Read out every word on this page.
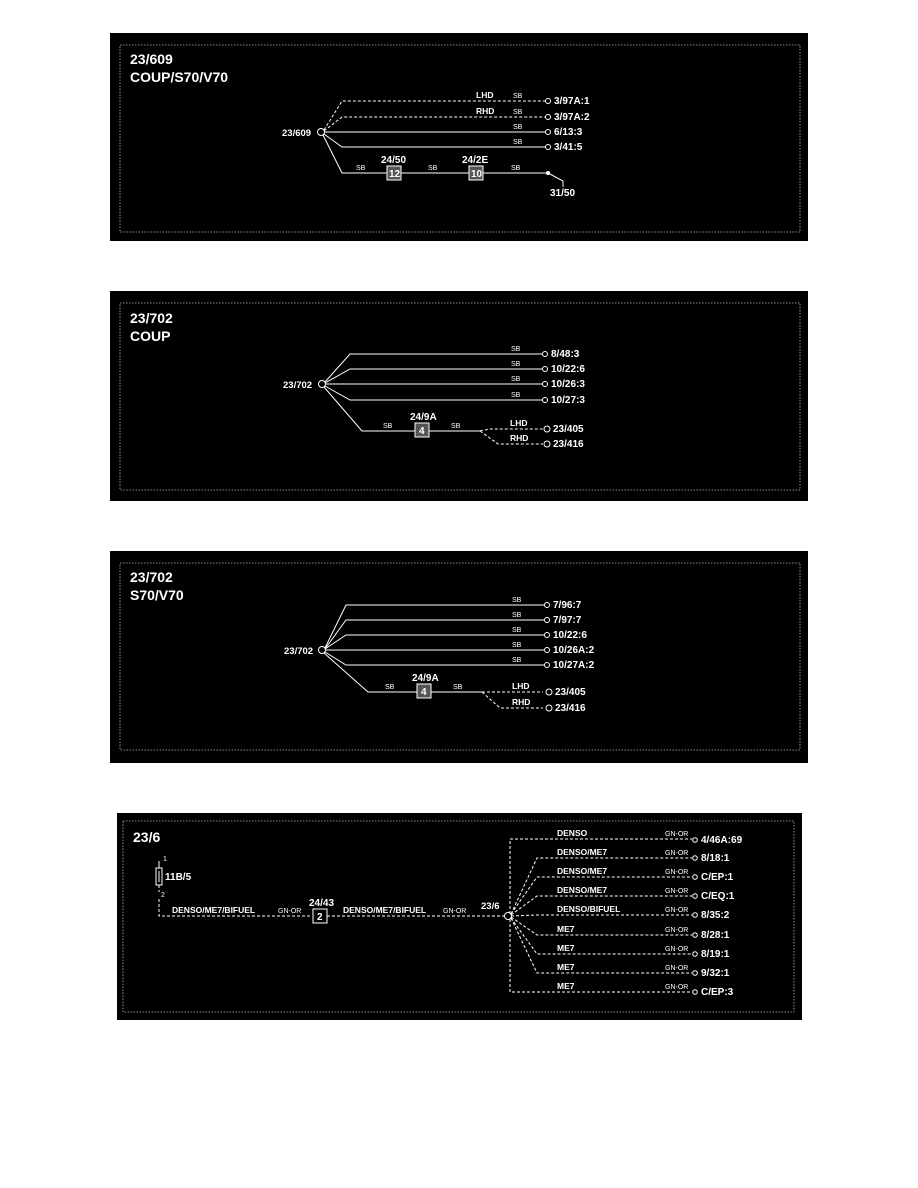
23/609
COUP/S70/V70
23/609
LHD	SB	3/97A:1
RHD	SB	3/97A:2
SB	6/13:3
SB	3/41:5
SB
24/50
12
SB
24/2E
10
SB
31/50
23/702
COUP
23/702
SB	8/48:3
SB	10/22:6
SB	10/26:3
SB	10/27:3
SB
24/9A
4	SB	LHD
23/405
RHD
23/416
23/702
S70/V70
23/702
SB	7/96:7
SB	7/97:7
SB	10/22:6
SB	10/26A:2
SB	10/27A:2
SB
24/9A
4	SB	LHD
23/405
RHD
23/416
23/6
1
11B/5
2
DENSO/ME7/BIFUEL	GN-OR
24/43
2
DENSO/ME7/BIFUEL GN-OR 23/6
DENSO	GN-OR
4/46A:69
DENSO/ME7	GN-OR 8/18:1
DENSO/ME7	GN-OR C/EP:1
DENSO/ME7	GN-OR C/EQ:1
DENSO/BIFUEL	GN-OR 8/35:2
ME7	GN-OR 8/28:1
ME7	GN-OR 8/19:1
ME7	GN-OR 9/32:1
ME7	GN-OR C/EP:3
